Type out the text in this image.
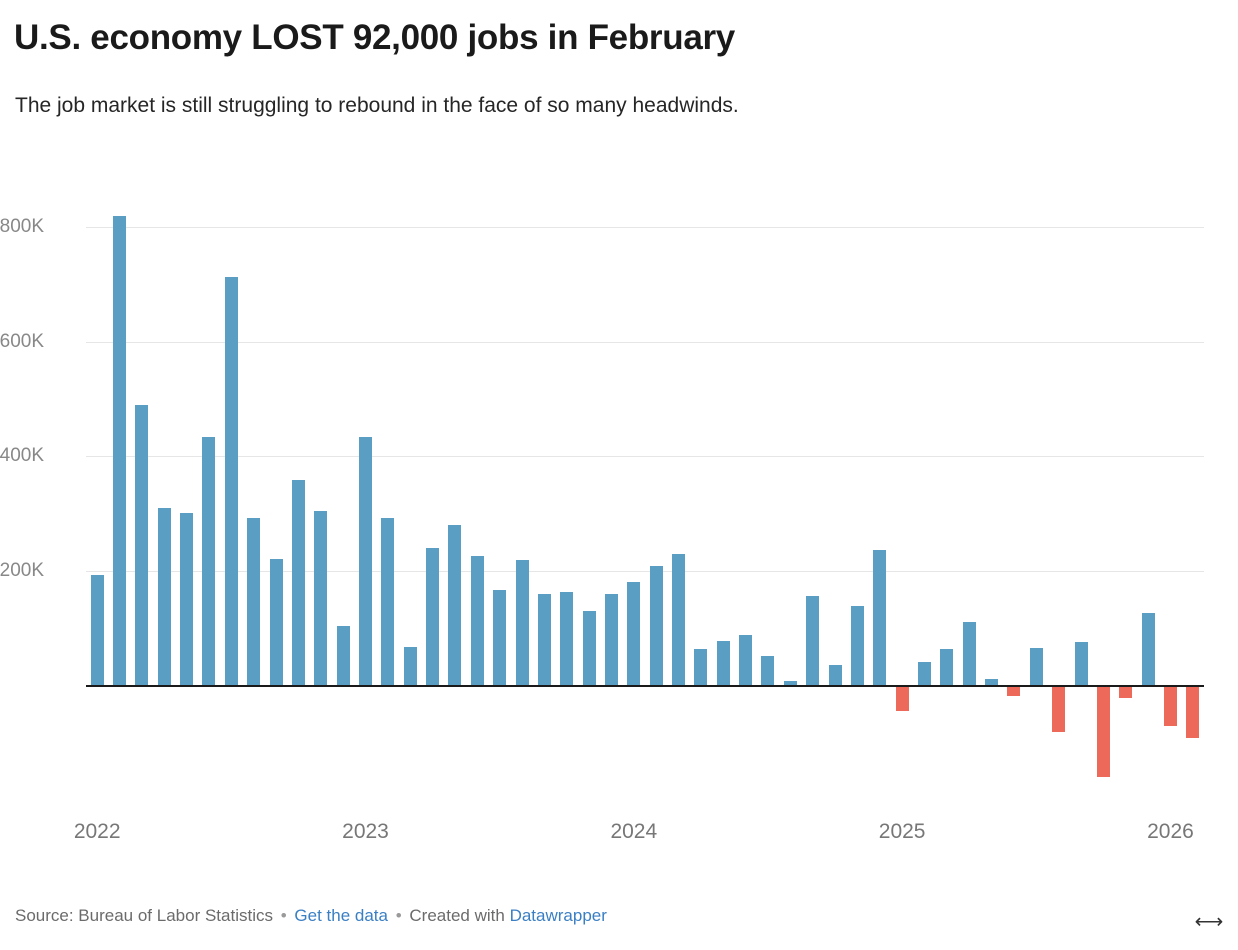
U.S. economy LOST 92,000 jobs in February
The job market is still struggling to rebound in the face of so many headwinds.
800K
600K
400K
200K
2022	2023	2024	2025	2026
Source: Bureau of Labor Statistics • Get the data • Created with Datawrapper	⟷
